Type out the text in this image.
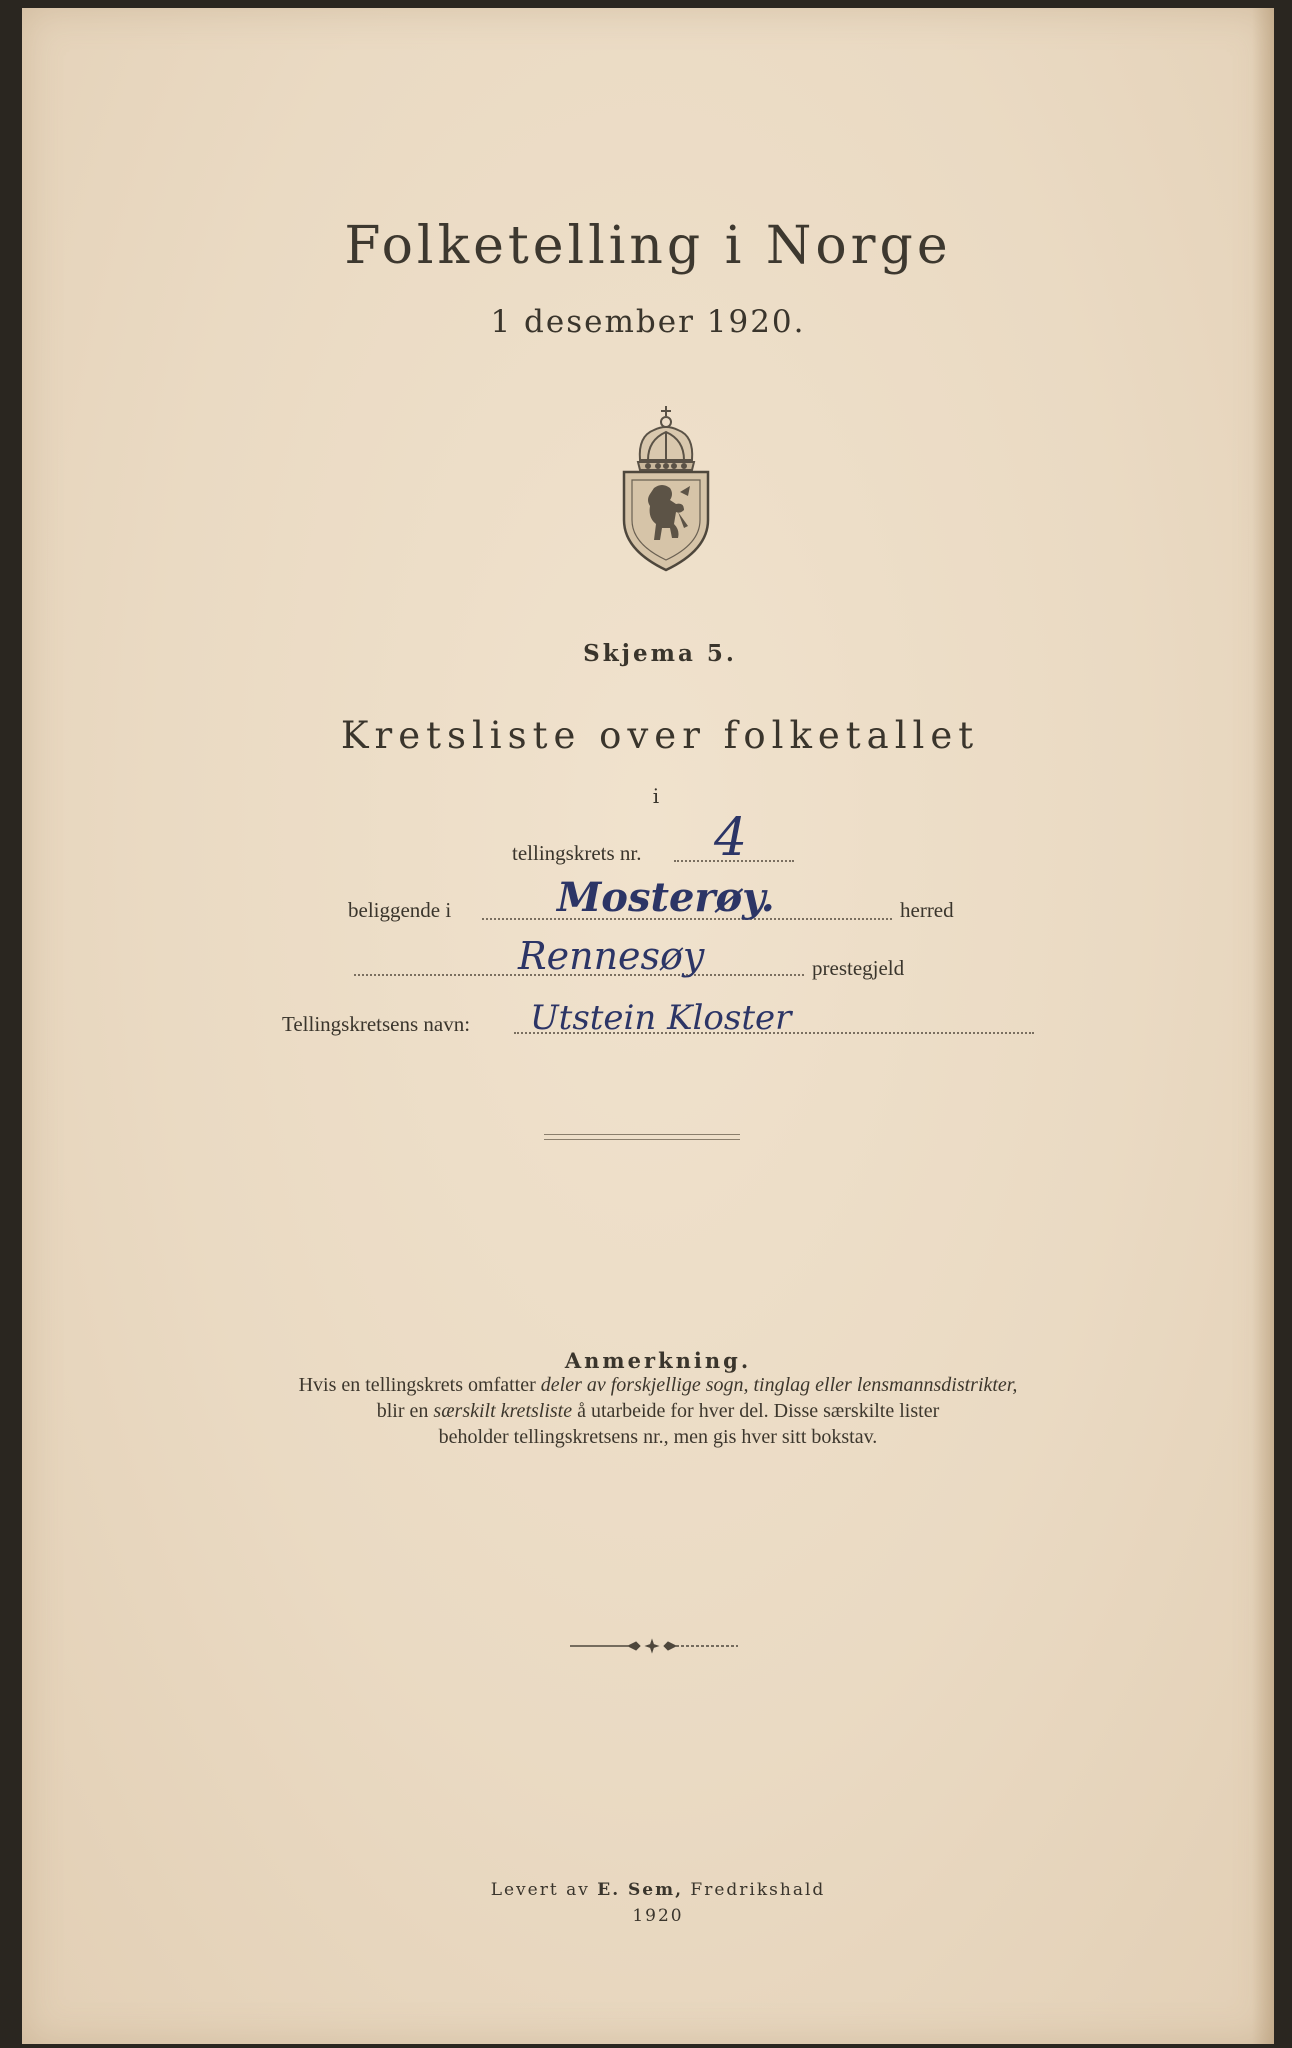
Folketelling i Norge
1 desember 1920.
Skjema 5.
Kretsliste over folketallet
i
tellingskrets nr. 4
beliggende i	Mosterøy.	herred
Rennesøy	prestegjeld
Tellingskretsens navn: Utstein Kloster
Anmerkning.
Hvis en tellingskrets omfatter deler av forskjellige sogn, tinglag eller lensmannsdistrikter,
blir en særskilt kretsliste å utarbeide for hver del. Disse særskilte lister
beholder tellingskretsens nr., men gis hver sitt bokstav.
Levert av E. Sem, Fredrikshald
1920
